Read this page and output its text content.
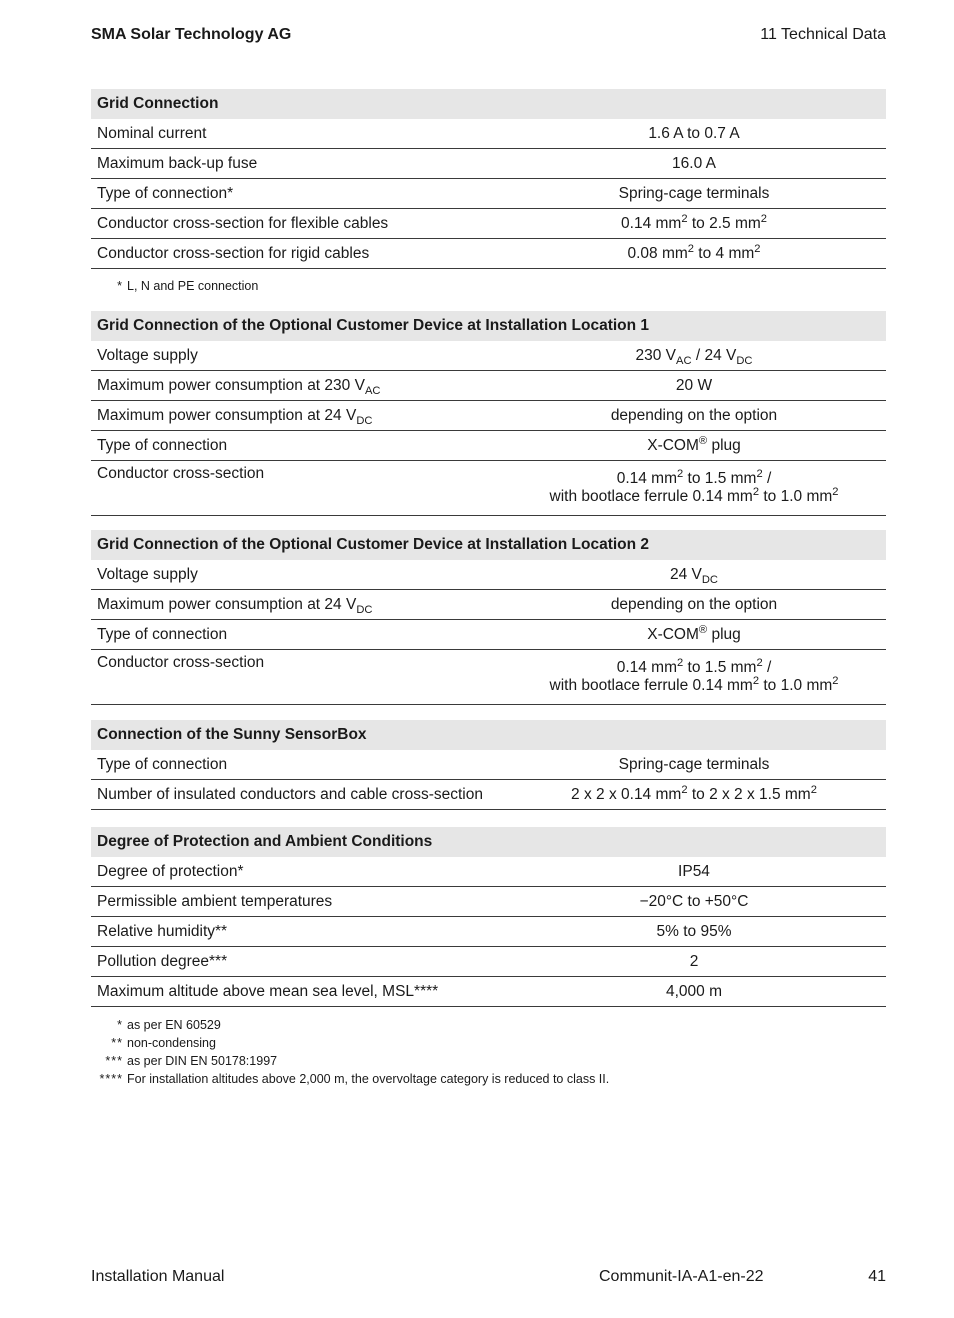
SMA Solar Technology AG	11 Technical Data
Grid Connection	
Nominal current	1.6 A to 0.7 A
Maximum back-up fuse	16.0 A
Type of connection*	Spring-cage terminals
Conductor cross-section for flexible cables	0.14 $mm^2$ to 2.5 $mm^2$
Conductor cross-section for rigid cables	0.08 $mm^2$ to 4 $mm^2$
* L, N and PE connection
Grid Connection of the Optional Customer Device at Installation Location 1	
Voltage supply	230 $V_{AC} / 24$ $V_{DC}$
Maximum power consumption at 230 $V_{AC}$	20 W
Maximum power consumption at 24 $V_{DC}$	depending on the option
Type of connection	X-COM® plug
Conductor cross-section	0.14 $mm^2$ to 1.5 $mm^2$ /
with bootlace ferrule 0.14 $mm^2$ to 1.0 $mm^2$
Grid Connection of the Optional Customer Device at Installation Location 2	
Voltage supply	24 $V_{DC}$
Maximum power consumption at 24 $V_{DC}$	depending on the option
Type of connection	X-COM® plug
Conductor cross-section	0.14 $mm^2$ to 1.5 $mm^2$ /
with bootlace ferrule 0.14 $mm^2$ to 1.0 $mm^2$
Connection of the Sunny SensorBox	
Type of connection	Spring-cage terminals
Number of insulated conductors and cable cross-section	2 x 2 x 0.14 $mm^2$ to 2 x 2 x 1.5 $mm^2$
Degree of Protection and Ambient Conditions	
Degree of protection*	IP54
Permissible ambient temperatures	−20°C to +50°C
Relative humidity**	5% to 95%
Pollution degree***	2
Maximum altitude above mean sea level, MSL****	4,000 m
* as per EN 60529
** non-condensing
*** as per DIN EN 50178:1997
**** For installation altitudes above 2,000 m, the overvoltage category is reduced to class II.
Installation Manual	Communit-IA-A1-en-22	41
